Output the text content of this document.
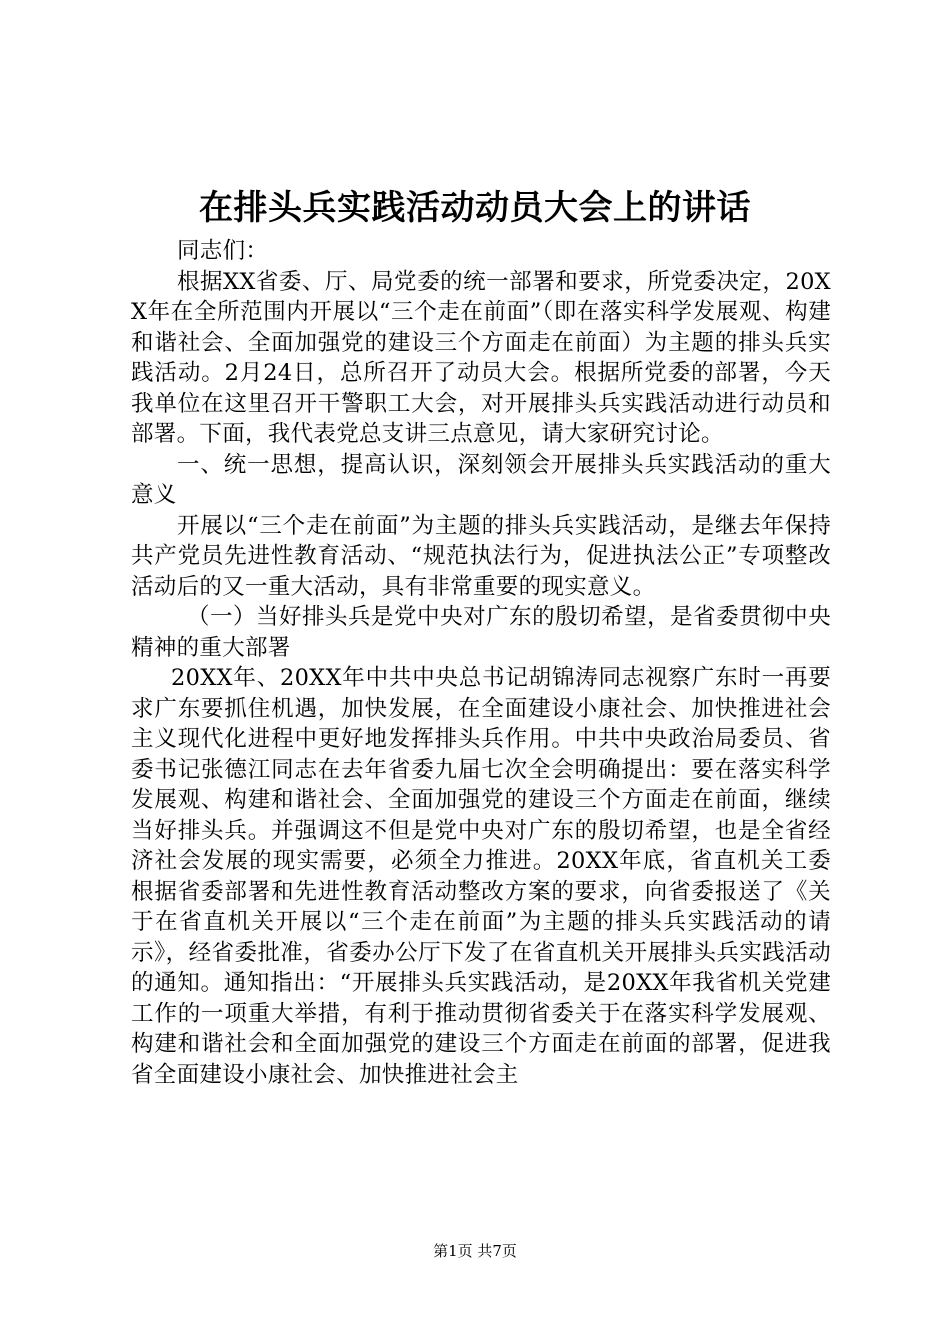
在排头兵实践活动动员大会上的讲话

同志们：

根据XX省委、厅、局党委的统一部署和要求，所党委决定，20XX年在全所范围内开展以“三个走在前面”（即在落实科学发展观、构建和谐社会、全面加强党的建设三个方面走在前面）为主题的排头兵实践活动。2月24日，总所召开了动员大会。根据所党委的部署，今天我单位在这里召开干警职工大会，对开展排头兵实践活动进行动员和部署。下面，我代表党总支讲三点意见，请大家研究讨论。

一、统一思想，提高认识，深刻领会开展排头兵实践活动的重大意义

开展以“三个走在前面”为主题的排头兵实践活动，是继去年保持共产党员先进性教育活动、“规范执法行为，促进执法公正”专项整改活动后的又一重大活动，具有非常重要的现实意义。

（一）当好排头兵是党中央对广东的殷切希望，是省委贯彻中央精神的重大部署

20XX年、20XX年中共中央总书记胡锦涛同志视察广东时一再要求广东要抓住机遇，加快发展，在全面建设小康社会、加快推进社会主义现代化进程中更好地发挥排头兵作用。中共中央政治局委员、省委书记张德江同志在去年省委九届七次全会明确提出：要在落实科学发展观、构建和谐社会、全面加强党的建设三个方面走在前面，继续当好排头兵。并强调这不但是党中央对广东的殷切希望，也是全省经济社会发展的现实需要，必须全力推进。20XX年底，省直机关工委根据省委部署和先进性教育活动整改方案的要求，向省委报送了《关于在省直机关开展以“三个走在前面”为主题的排头兵实践活动的请示》，经省委批准，省委办公厅下发了在省直机关开展排头兵实践活动的通知。通知指出：“开展排头兵实践活动，是20XX年我省机关党建工作的一项重大举措，有利于推动贯彻省委关于在落实科学发展观、构建和谐社会和全面加强党的建设三个方面走在前面的部署，促进我省全面建设小康社会、加快推进社会主

第1页 共7页
